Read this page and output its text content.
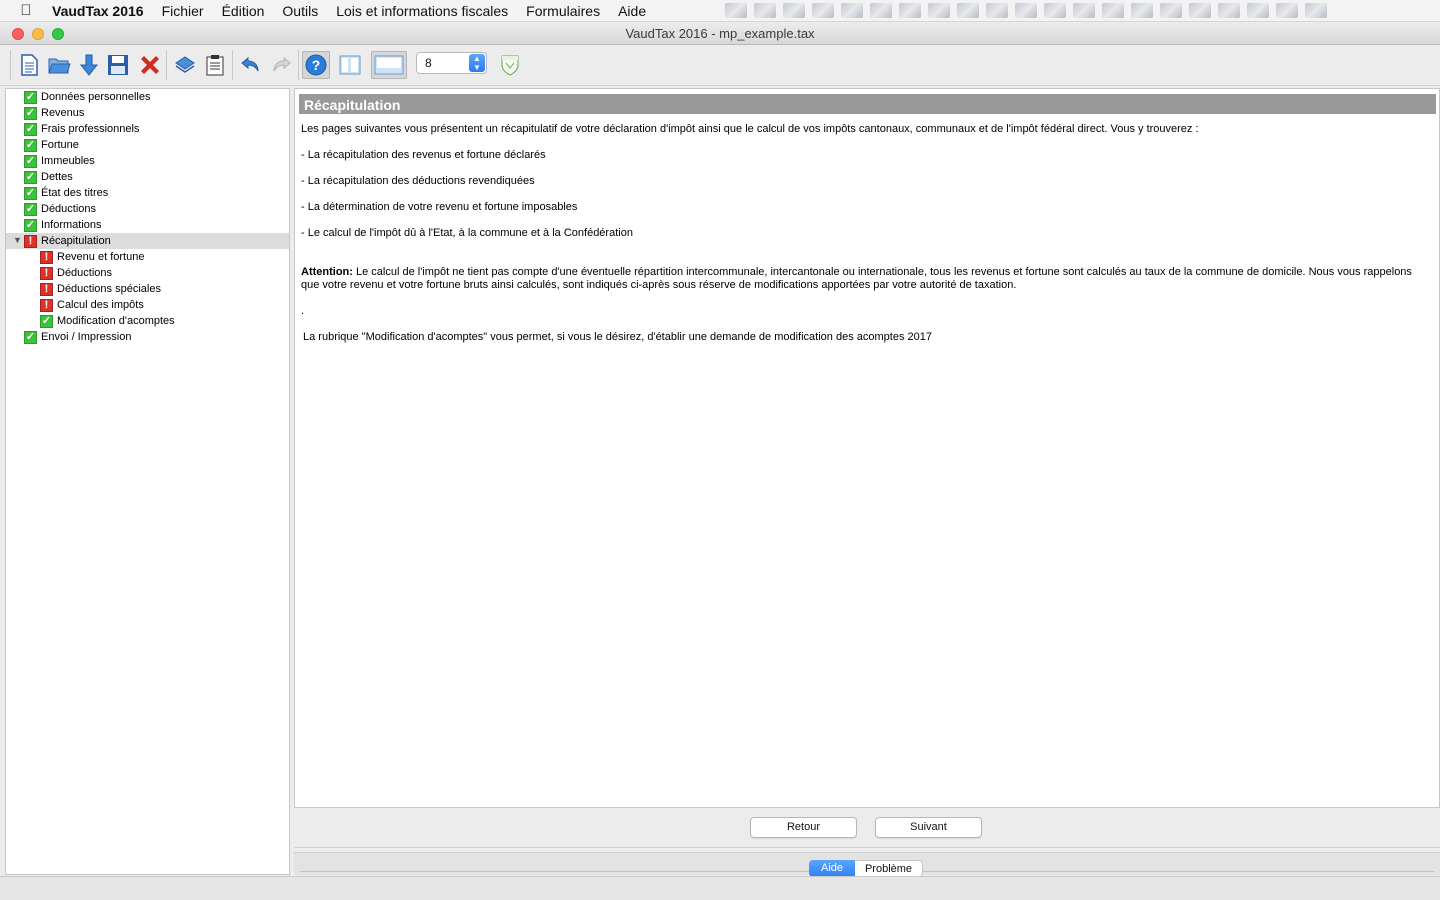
VaudTax 2016 Fichier Édition Outils Lois et informations fiscales Formulaires Aide
VaudTax 2016 - mp_example.tax
?	8	▲
▼
✓ Données personnelles
✓ Revenus
✓ Frais professionnels
✓ Fortune
✓ Immeubles
✓ Dettes
✓ État des titres
✓ Déductions
✓ Informations
▼ ! Récapitulation
! Revenu et fortune
! Déductions
! Déductions spéciales
! Calcul des impôts
✓ Modification d'acomptes
✓ Envoi / Impression
Récapitulation
Les pages suivantes vous présentent un récapitulatif de votre déclaration d'impôt ainsi que le calcul de vos impôts cantonaux, communaux et de l'impôt fédéral direct. Vous y trouverez :
- La récapitulation des revenus et fortune déclarés
- La récapitulation des déductions revendiquées
- La détermination de votre revenu et fortune imposables
- Le calcul de l'impôt dû à l'Etat, à la commune et à la Confédération
Attention: Le calcul de l'impôt ne tient pas compte d'une éventuelle répartition intercommunale, intercantonale ou internationale, tous les revenus et fortune sont calculés au taux de la commune de domicile. Nous vous rappelons que votre revenu et votre fortune bruts ainsi calculés, sont indiqués ci-après sous réserve de modifications apportées par votre autorité de taxation.
.
La rubrique "Modification d'acomptes" vous permet, si vous le désirez, d'établir une demande de modification des acomptes 2017
Retour	Suivant
Aide	Problème
